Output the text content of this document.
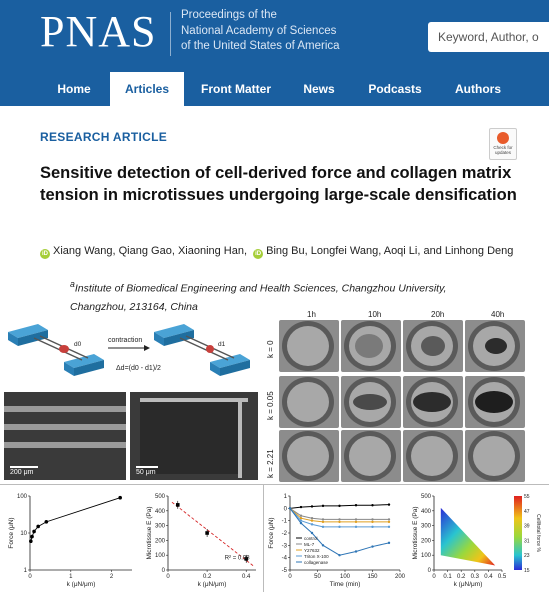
PNAS Proceedings of the
National Academy of Sciences
of the United States of America
Keyword, Author, o
Home	Articles	Front Matter	News	Podcasts	Authors
RESEARCH ARTICLE
Check for
updates
Sensitive detection of cell-derived force and collagen matrix tension in microtissues undergoing large-scale densification
iD Xiang Wang, Qiang Gao, Xiaoning Han, iD Bing Bu, Longfei Wang, Aoqi Li, and Linhong Deng
$^a$Institute of Biomedical Engineering and Health Sciences, Changzhou University, Changzhou, 213164, China
d0
contraction
d1
Δd=(d0 - d1)/2
200 μm	50 μm
1h	10h	20h	40h
k = 0
k = 0.05
k = 2.21
0	1	2
1
10
100
k (μN/μm)
Force (μN)
0	0.2	0.4
0
100
200
300
400
500
k (μN/μm)
Microtissue E (Pa)	R² = 0.98
0	50	100	150	200
-5
-4
-3
-2
-1
0
1
Time (min)
Force (μN)	control
ML-7
Y27632
Triton X-100
collagenase
0 0.1 0.2 0.3 0.4 0.5
0
100
200
300
400
500
k (μN/μm)
Microtissue E (Pa)
55
47
39
31
23
15
Cell/total force %
